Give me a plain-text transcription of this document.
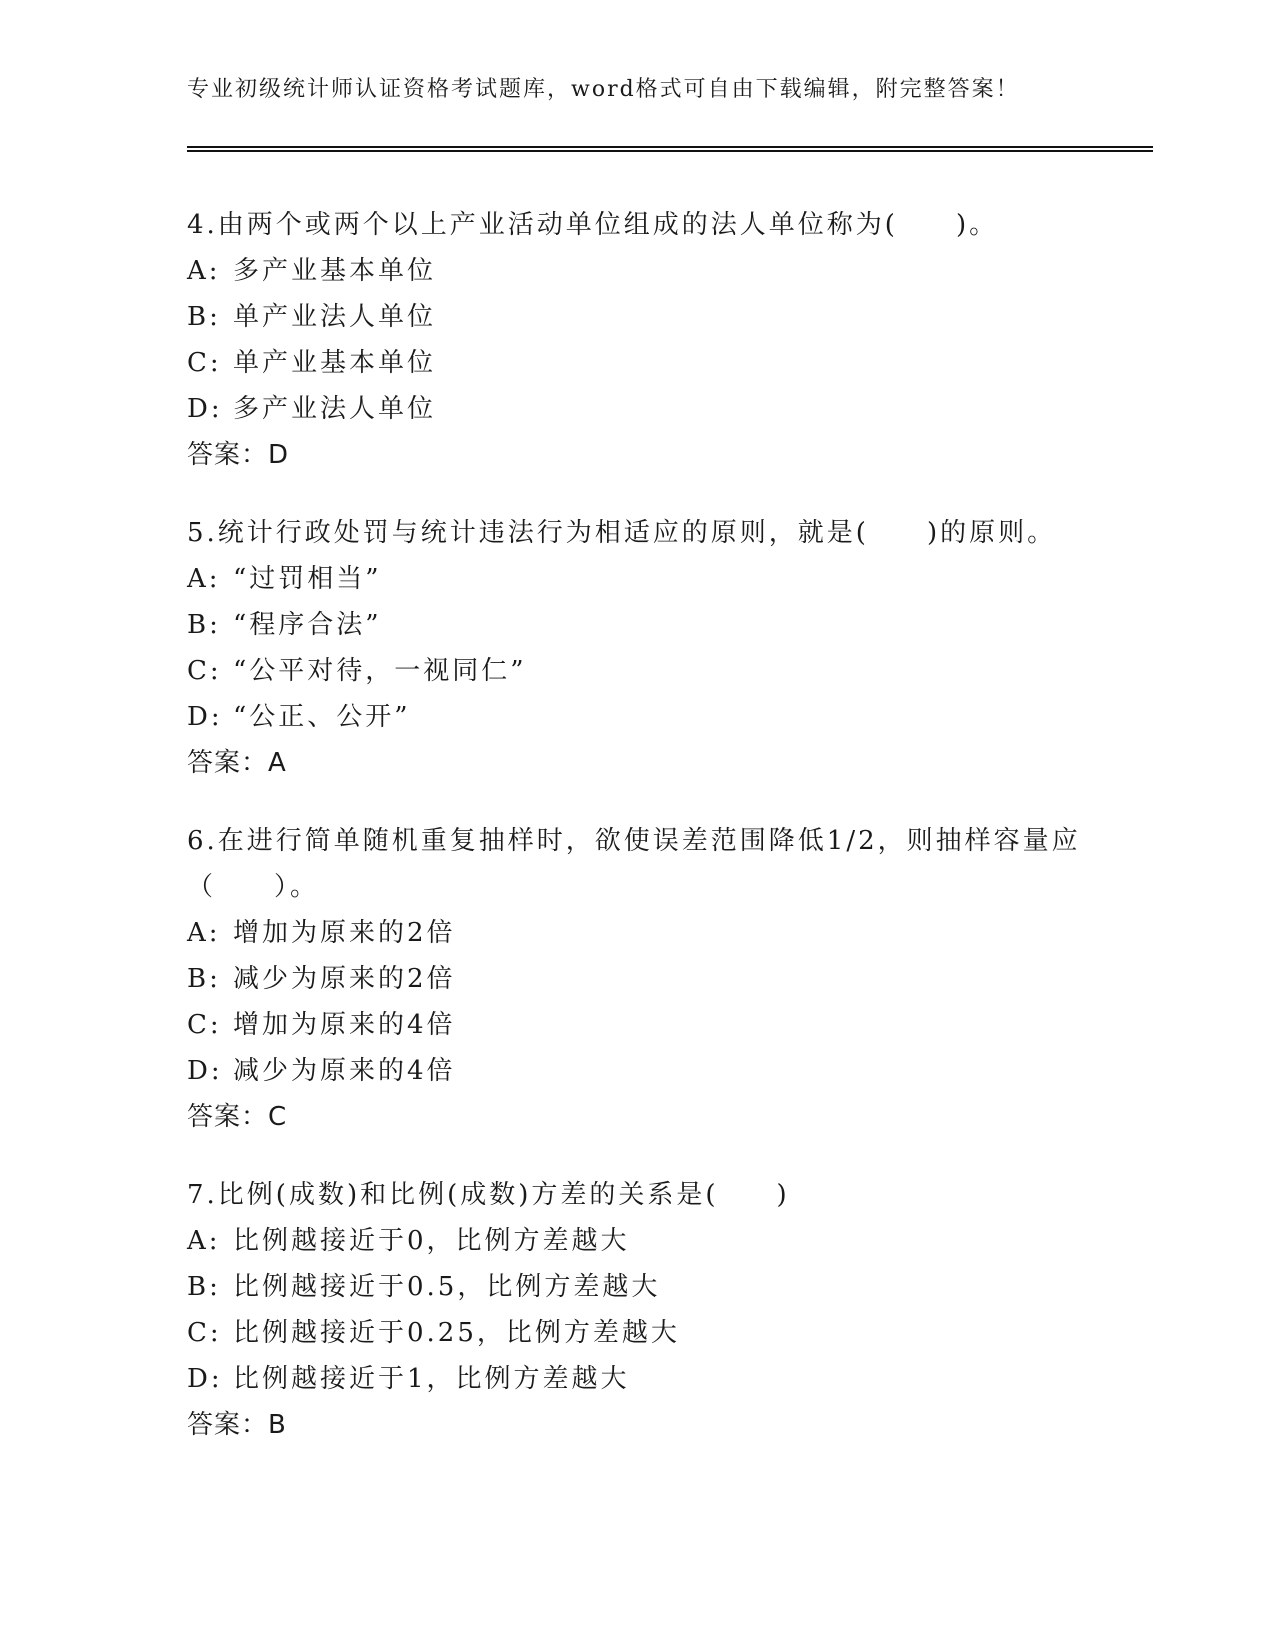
专业初级统计师认证资格考试题库，word格式可自由下载编辑，附完整答案！
4.由两个或两个以上产业活动单位组成的法人单位称为(　　)。
A: 多产业基本单位
B: 单产业法人单位
C: 单产业基本单位
D: 多产业法人单位
答案：D
5.统计行政处罚与统计违法行为相适应的原则，就是(　　)的原则。
A: “过罚相当”
B: “程序合法”
C: “公平对待，一视同仁”
D: “公正、公开”
答案：A
6.在进行简单随机重复抽样时，欲使误差范围降低1/2，则抽样容量应（　　）。
A: 增加为原来的2倍
B: 减少为原来的2倍
C: 增加为原来的4倍
D: 减少为原来的4倍
答案：C
7.比例(成数)和比例(成数)方差的关系是(　　)
A: 比例越接近于0，比例方差越大
B: 比例越接近于0.5，比例方差越大
C: 比例越接近于0.25，比例方差越大
D: 比例越接近于1，比例方差越大
答案：B
